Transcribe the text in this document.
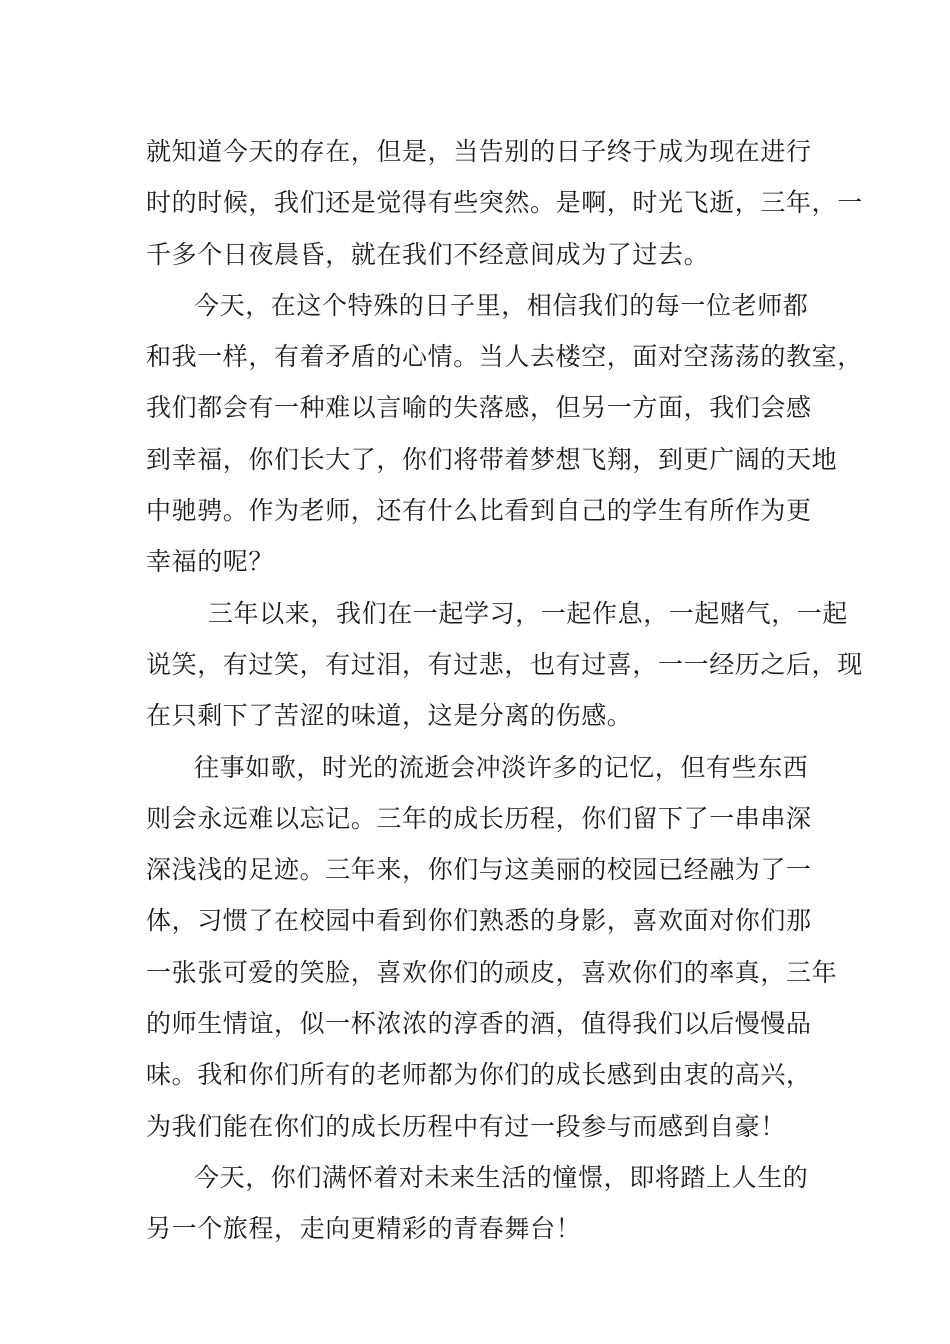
就知道今天的存在，但是，当告别的日子终于成为现在进行
时的时候，我们还是觉得有些突然。是啊，时光飞逝，三年，一
千多个日夜晨昏，就在我们不经意间成为了过去。
今天，在这个特殊的日子里，相信我们的每一位老师都
和我一样，有着矛盾的心情。当人去楼空，面对空荡荡的教室，
我们都会有一种难以言喻的失落感，但另一方面，我们会感
到幸福，你们长大了，你们将带着梦想飞翔，到更广阔的天地
中驰骋。作为老师，还有什么比看到自己的学生有所作为更
幸福的呢？
三年以来，我们在一起学习，一起作息，一起赌气，一起
说笑，有过笑，有过泪，有过悲，也有过喜，一一经历之后，现
在只剩下了苦涩的味道，这是分离的伤感。
往事如歌，时光的流逝会冲淡许多的记忆，但有些东西
则会永远难以忘记。三年的成长历程，你们留下了一串串深
深浅浅的足迹。三年来，你们与这美丽的校园已经融为了一
体，习惯了在校园中看到你们熟悉的身影，喜欢面对你们那
一张张可爱的笑脸，喜欢你们的顽皮，喜欢你们的率真，三年
的师生情谊，似一杯浓浓的淳香的酒，值得我们以后慢慢品
味。我和你们所有的老师都为你们的成长感到由衷的高兴，
为我们能在你们的成长历程中有过一段参与而感到自豪！
今天，你们满怀着对未来生活的憧憬，即将踏上人生的
另一个旅程，走向更精彩的青春舞台！
